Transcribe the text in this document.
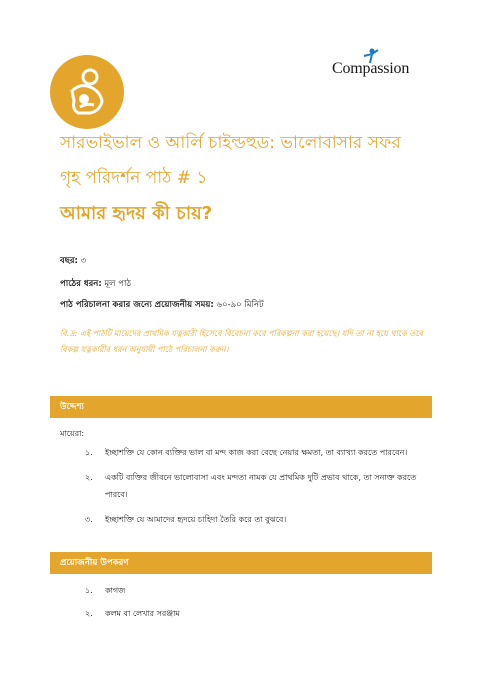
Compassion
সারভাইভাল ও আর্লি চাইল্ডহুড: ভালোবাসার সফর
গৃহ পরিদর্শন পাঠ # ১
আমার হৃদয় কী চায়?
বছর: ৩
পাঠের ধরন: মূল পাঠ
পাঠ পরিচালনা করার জন্যে প্রয়োজনীয় সময়: ৬০-৯০ মিনিট
বি.দ্র: এই পাঠটি মায়েদের প্রাথমিক যত্নকারী হিসেবে বিবেচনা করে পরিকল্পনা করা হয়েছে। যদি তা না হয়ে থাকে তবে বিকল্প যত্নকারীর ধরন অনুযায়ী পাঠে পরিচালনা করুন।
উদ্দেশ্য
মায়েরা:
১. ইচ্ছাশক্তি যে কোন ব্যক্তির ভাল বা মন্দ কাজ করা বেছে নেয়ার ক্ষমতা, তা ব্যাখ্যা করতে পারবেন।
২. একটি ব্যক্তির জীবনে ভালোবাসা এবং মন্দতা নামক যে প্রাথমিক দুটি প্রভাব থাকে, তা সনাক্ত করতে পারবে।
৩. ইচ্ছাশক্তি যে আমাদের হৃদয়ে চাহিদা তৈরি করে তা বুঝবে।
প্রয়োজনীয় উপকরণ
১. কাগজ
২. কলম বা লেখার সরঞ্জাম
